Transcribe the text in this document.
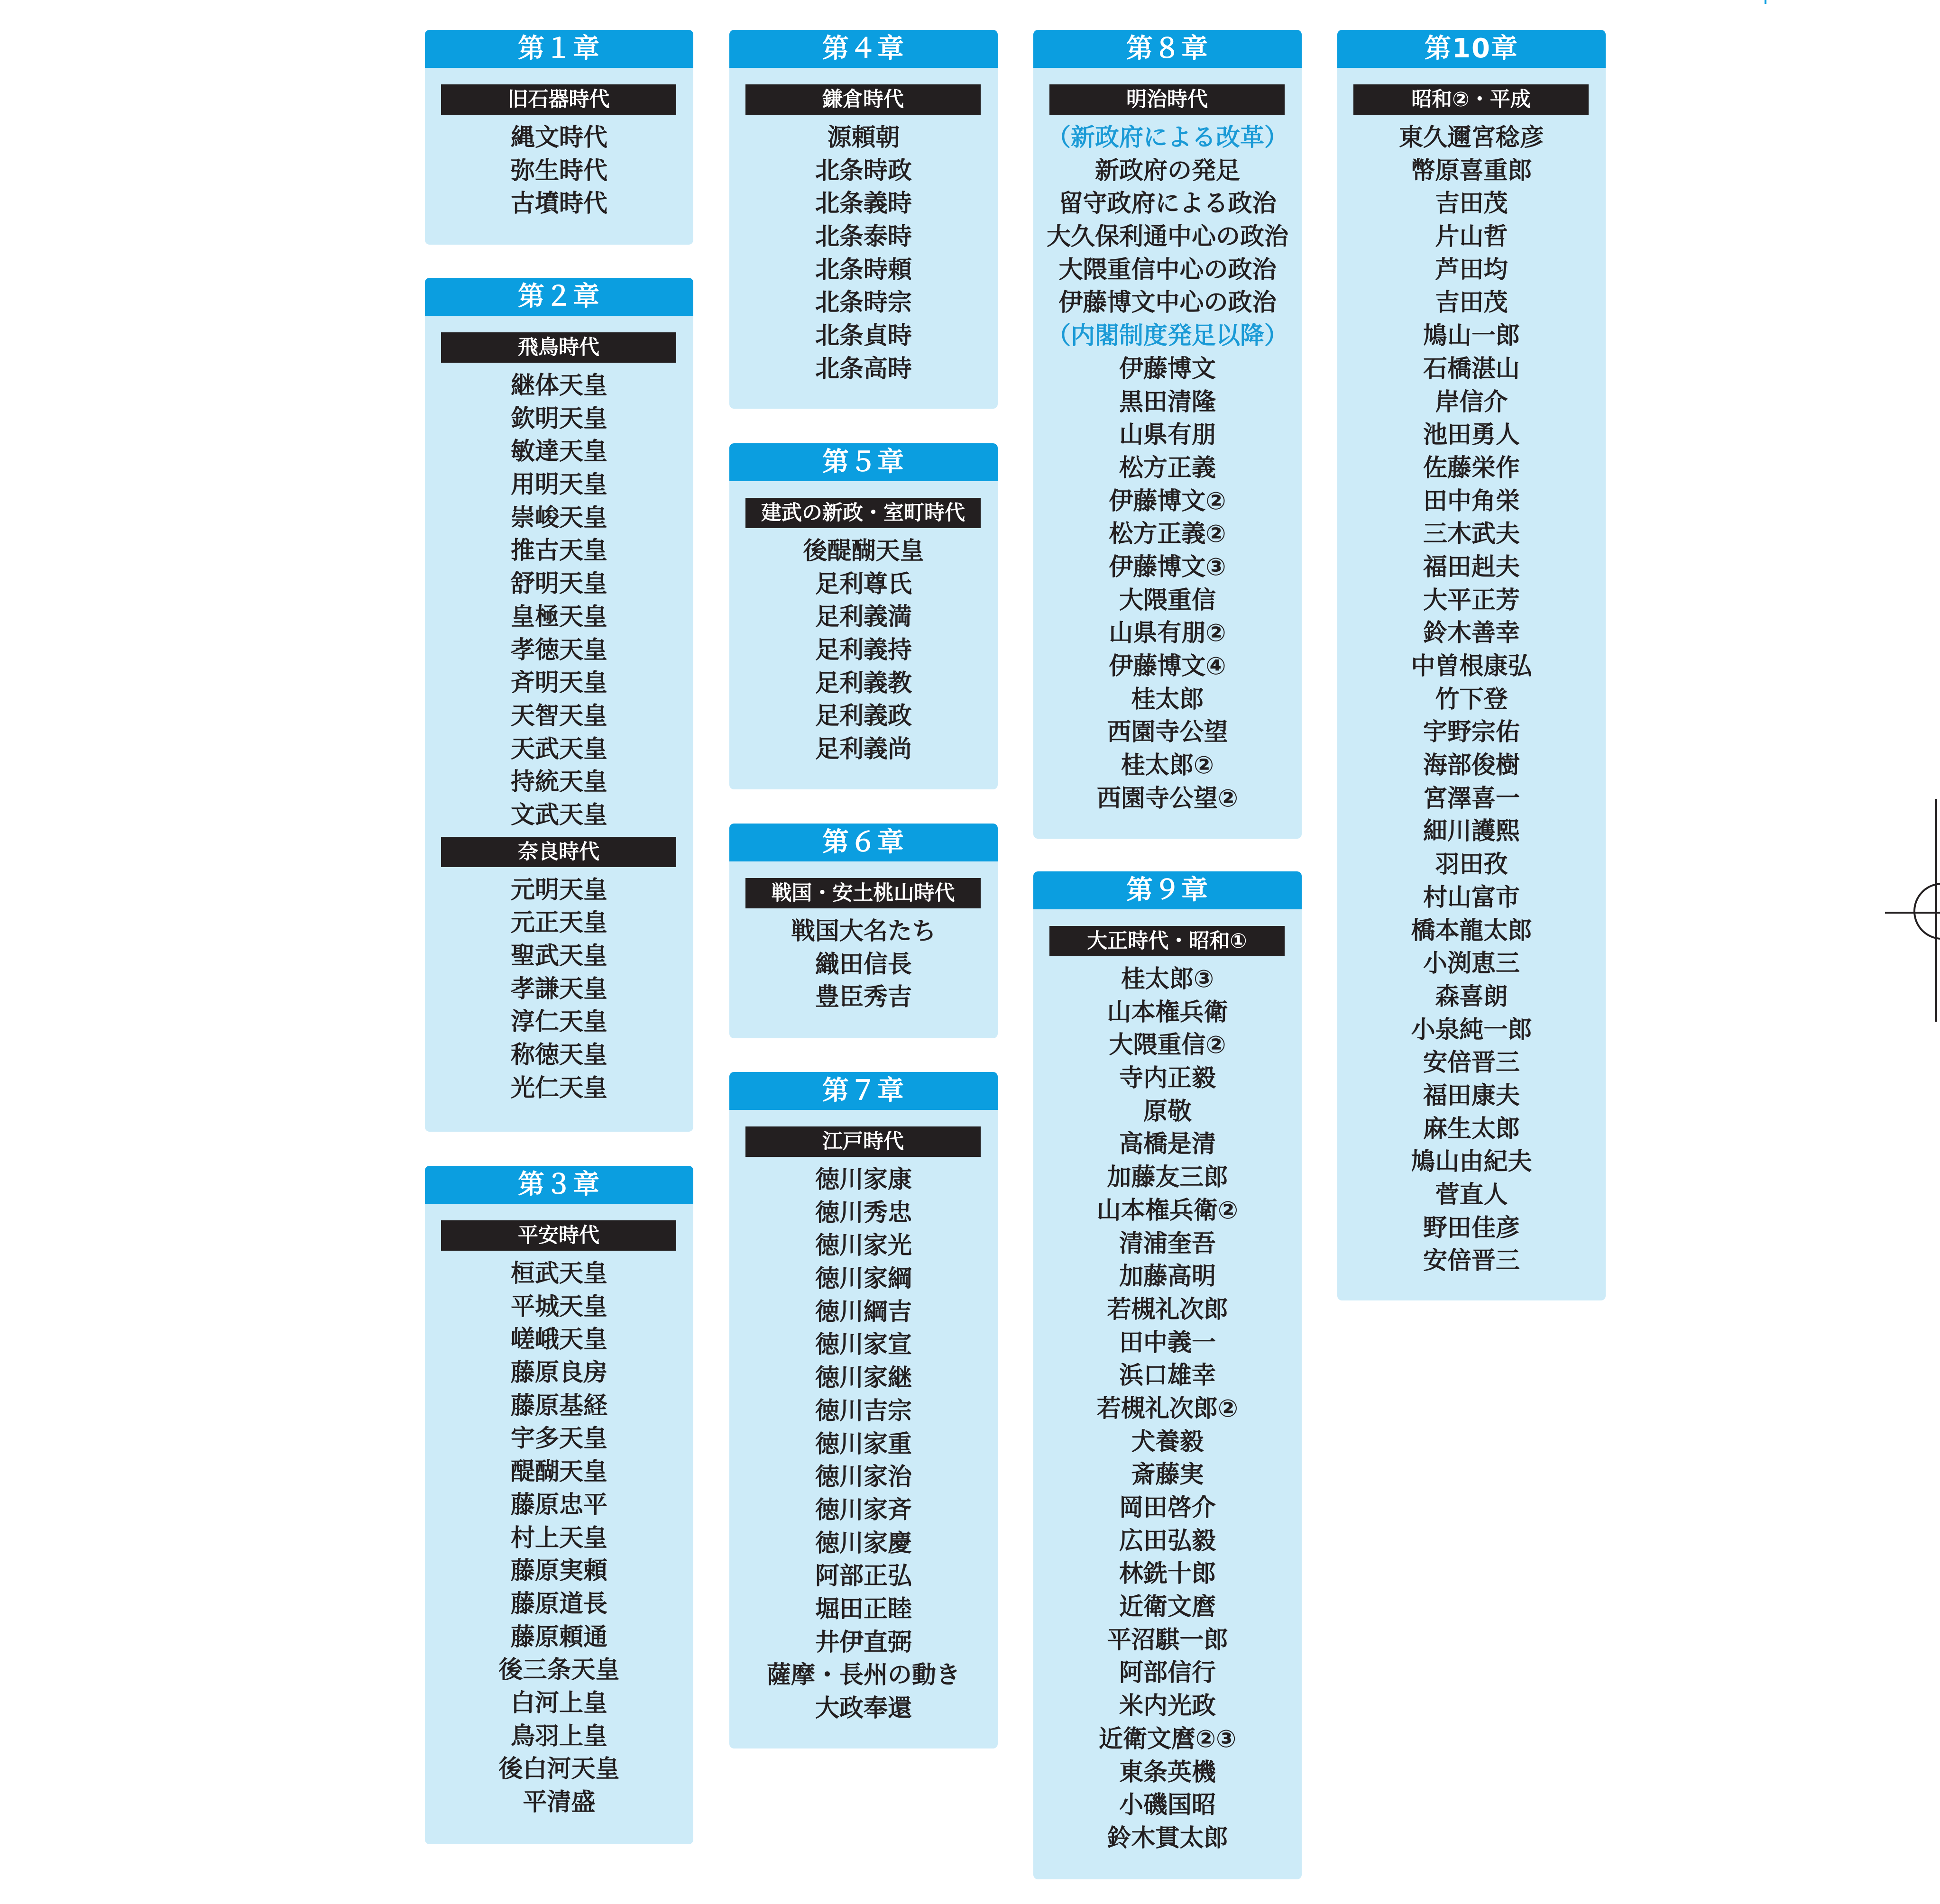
第１章
旧石器時代
縄文時代
弥生時代
古墳時代
第２章
飛鳥時代
継体天皇
欽明天皇
敏達天皇
用明天皇
崇峻天皇
推古天皇
舒明天皇
皇極天皇
孝徳天皇
斉明天皇
天智天皇
天武天皇
持統天皇
文武天皇
奈良時代
元明天皇
元正天皇
聖武天皇
孝謙天皇
淳仁天皇
称徳天皇
光仁天皇
第３章
平安時代
桓武天皇
平城天皇
嵯峨天皇
藤原良房
藤原基経
宇多天皇
醍醐天皇
藤原忠平
村上天皇
藤原実頼
藤原道長
藤原頼通
後三条天皇
白河上皇
鳥羽上皇
後白河天皇
平清盛
第４章
鎌倉時代
源頼朝
北条時政
北条義時
北条泰時
北条時頼
北条時宗
北条貞時
北条高時
第５章
建武の新政・室町時代
後醍醐天皇
足利尊氏
足利義満
足利義持
足利義教
足利義政
足利義尚
第６章
戦国・安土桃山時代
戦国大名たち
織田信長
豊臣秀吉
第７章
江戸時代
徳川家康
徳川秀忠
徳川家光
徳川家綱
徳川綱吉
徳川家宣
徳川家継
徳川吉宗
徳川家重
徳川家治
徳川家斉
徳川家慶
阿部正弘
堀田正睦
井伊直弼
薩摩・長州の動き
大政奉還
第８章
明治時代
（新政府による改革）
新政府の発足
留守政府による政治
大久保利通中心の政治
大隈重信中心の政治
伊藤博文中心の政治
（内閣制度発足以降）
伊藤博文
黒田清隆
山県有朋
松方正義
伊藤博文②
松方正義②
伊藤博文③
大隈重信
山県有朋②
伊藤博文④
桂太郎
西園寺公望
桂太郎②
西園寺公望②
第９章
大正時代・昭和①
桂太郎③
山本権兵衛
大隈重信②
寺内正毅
原敬
高橋是清
加藤友三郎
山本権兵衛②
清浦奎吾
加藤高明
若槻礼次郎
田中義一
浜口雄幸
若槻礼次郎②
犬養毅
斎藤実
岡田啓介
広田弘毅
林銑十郎
近衛文麿
平沼騏一郎
阿部信行
米内光政
近衛文麿②③
東条英機
小磯国昭
鈴木貫太郎
第10章
昭和②・平成
東久邇宮稔彦
幣原喜重郎
吉田茂
片山哲
芦田均
吉田茂
鳩山一郎
石橋湛山
岸信介
池田勇人
佐藤栄作
田中角栄
三木武夫
福田赳夫
大平正芳
鈴木善幸
中曽根康弘
竹下登
宇野宗佑
海部俊樹
宮澤喜一
細川護熙
羽田孜
村山富市
橋本龍太郎
小渕恵三
森喜朗
小泉純一郎
安倍晋三
福田康夫
麻生太郎
鳩山由紀夫
菅直人
野田佳彦
安倍晋三
